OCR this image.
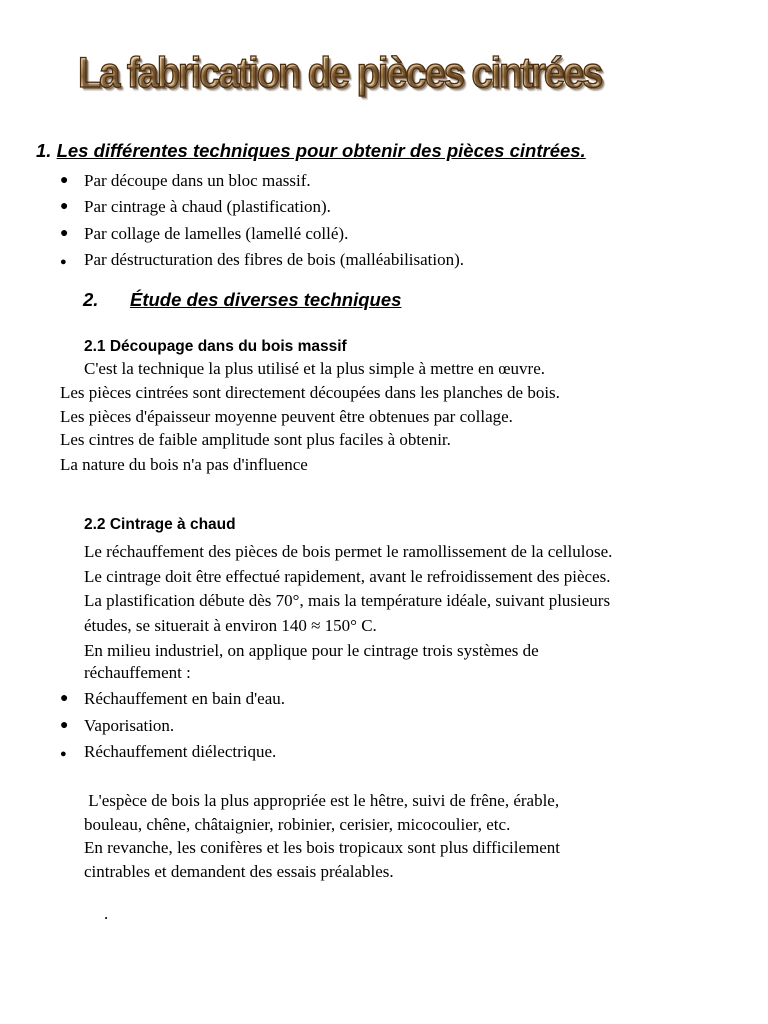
La fabrication de pièces cintrées
1. Les différentes techniques pour obtenir des pièces cintrées.
● Par découpe dans un bloc massif.
● Par cintrage à chaud (plastification).
● Par collage de lamelles (lamellé collé).
● Par déstructuration des fibres de bois (malléabilisation).
2. Étude des diverses techniques
2.1 Découpage dans du bois massif
C'est la technique la plus utilisé et la plus simple à mettre en œuvre.
Les pièces cintrées sont directement découpées dans les planches de bois.
Les pièces d'épaisseur moyenne peuvent être obtenues par collage.
Les cintres de faible amplitude sont plus faciles à obtenir.
La nature du bois n'a pas d'influence
2.2 Cintrage à chaud
Le réchauffement des pièces de bois permet le ramollissement de la cellulose.
Le cintrage doit être effectué rapidement, avant le refroidissement des pièces.
La plastification débute dès 70°, mais la température idéale, suivant plusieurs
études, se situerait à environ 140 ≈ 150° C.
En milieu industriel, on applique pour le cintrage trois systèmes de
réchauffement :
● Réchauffement en bain d'eau.
● Vaporisation.
● Réchauffement diélectrique.
L'espèce de bois la plus appropriée est le hêtre, suivi de frêne, érable,
bouleau, chêne, châtaignier, robinier, cerisier, micocoulier, etc.
En revanche, les conifères et les bois tropicaux sont plus difficilement
cintrables et demandent des essais préalables.
.
